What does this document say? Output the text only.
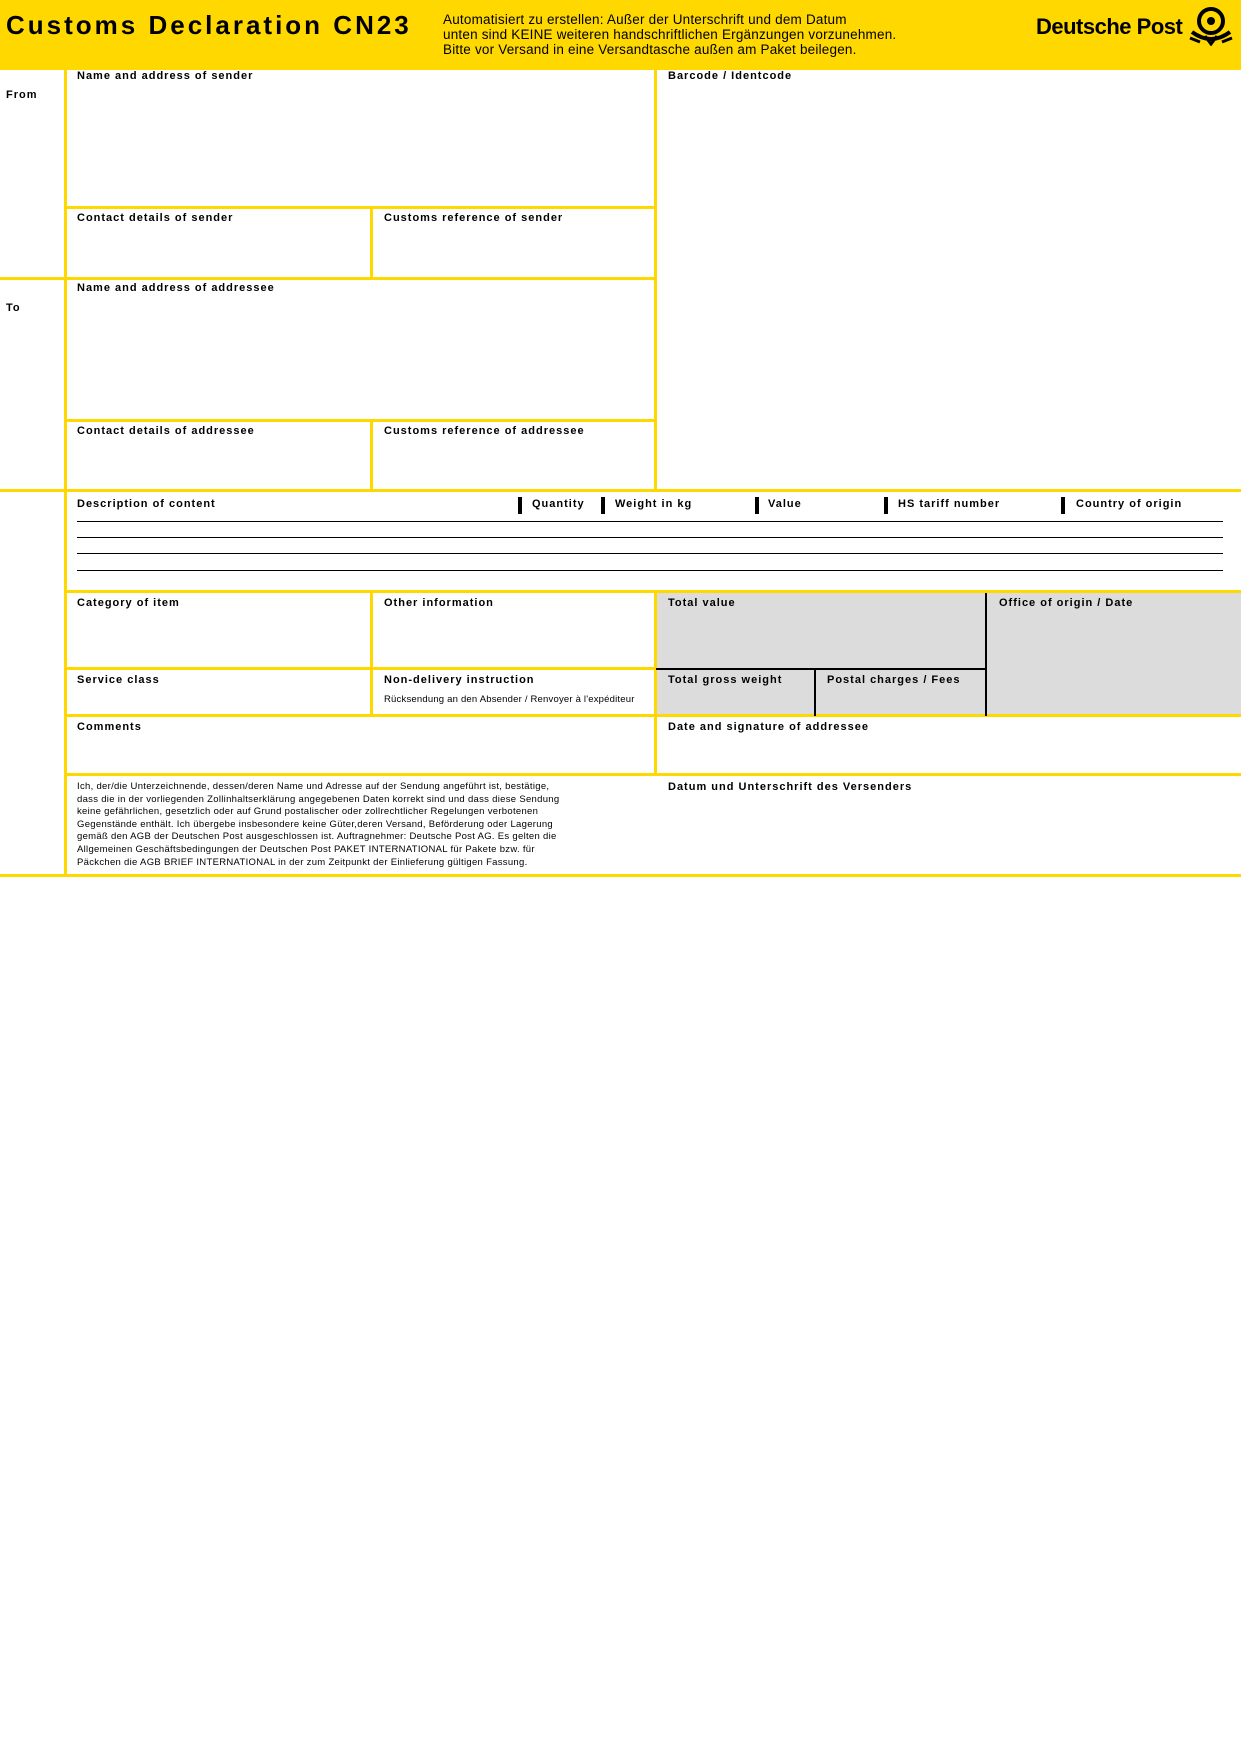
Customs Declaration CN23 Automatisiert zu erstellen: Außer der Unterschrift und dem Datum
unten sind KEINE weiteren handschriftlichen Ergänzungen vorzunehmen.
Bitte vor Versand in eine Versandtasche außen am Paket beilegen.
Deutsche Post
From
To
Name and address of sender
Contact details of sender	Customs reference of sender
Barcode / Identcode
Name and address of addressee
Contact details of addressee	Customs reference of addressee
Description of content	Quantity	Weight in kg	Value	HS tariff number	Country of origin
Category of item	Other information	Total value	Office of origin / Date
Service class	Non-delivery instruction
Rücksendung an den Absender / Renvoyer à l'expéditeur
Total gross weight	Postal charges / Fees
Comments	Date and signature of addressee
Ich, der/die Unterzeichnende, dessen/deren Name und Adresse auf der Sendung angeführt ist, bestätige,
dass die in der vorliegenden Zollinhaltserklärung angegebenen Daten korrekt sind und dass diese Sendung
keine gefährlichen, gesetzlich oder auf Grund postalischer oder zollrechtlicher Regelungen verbotenen
Gegenstände enthält. Ich übergebe insbesondere keine Güter,deren Versand, Beförderung oder Lagerung
gemäß den AGB der Deutschen Post ausgeschlossen ist. Auftragnehmer: Deutsche Post AG. Es gelten die
Allgemeinen Geschäftsbedingungen der Deutschen Post PAKET INTERNATIONAL für Pakete bzw. für
Päckchen die AGB BRIEF INTERNATIONAL in der zum Zeitpunkt der Einlieferung gültigen Fassung.
Datum und Unterschrift des Versenders
